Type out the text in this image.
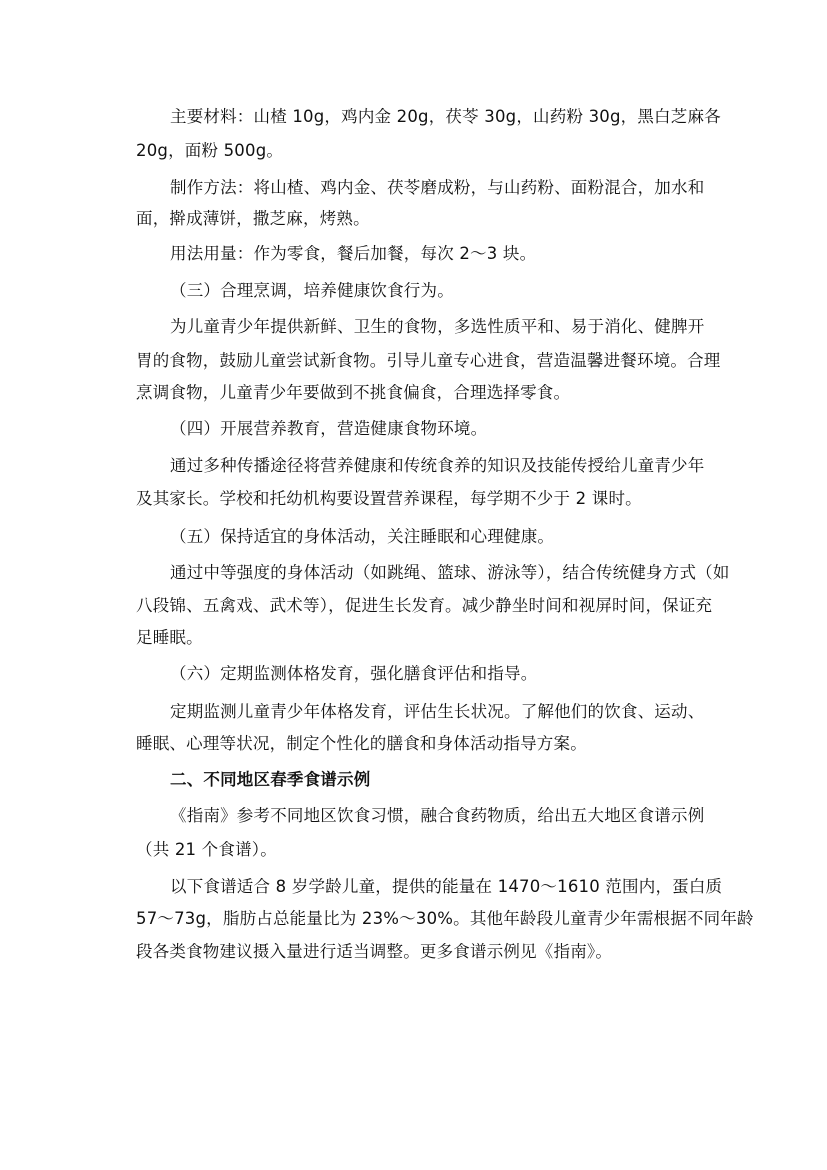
主要材料：山楂 10g，鸡内金 20g，茯苓 30g，山药粉 30g，黑白芝麻各
20g，面粉 500g。
制作方法：将山楂、鸡内金、茯苓磨成粉，与山药粉、面粉混合，加水和
面，擀成薄饼，撒芝麻，烤熟。
用法用量：作为零食，餐后加餐，每次 2～3 块。
（三）合理烹调，培养健康饮食行为。
为儿童青少年提供新鲜、卫生的食物，多选性质平和、易于消化、健脾开
胃的食物，鼓励儿童尝试新食物。引导儿童专心进食，营造温馨进餐环境。合理
烹调食物，儿童青少年要做到不挑食偏食，合理选择零食。
（四）开展营养教育，营造健康食物环境。
通过多种传播途径将营养健康和传统食养的知识及技能传授给儿童青少年
及其家长。学校和托幼机构要设置营养课程，每学期不少于 2 课时。
（五）保持适宜的身体活动，关注睡眠和心理健康。
通过中等强度的身体活动（如跳绳、篮球、游泳等），结合传统健身方式（如
八段锦、五禽戏、武术等），促进生长发育。减少静坐时间和视屏时间，保证充
足睡眠。
（六）定期监测体格发育，强化膳食评估和指导。
定期监测儿童青少年体格发育，评估生长状况。了解他们的饮食、运动、
睡眠、心理等状况，制定个性化的膳食和身体活动指导方案。
二、不同地区春季食谱示例
《指南》参考不同地区饮食习惯，融合食药物质，给出五大地区食谱示例
（共 21 个食谱）。
以下食谱适合 8 岁学龄儿童，提供的能量在 1470～1610 范围内，蛋白质
57～73g，脂肪占总能量比为 23%～30%。其他年龄段儿童青少年需根据不同年龄
段各类食物建议摄入量进行适当调整。更多食谱示例见《指南》。
